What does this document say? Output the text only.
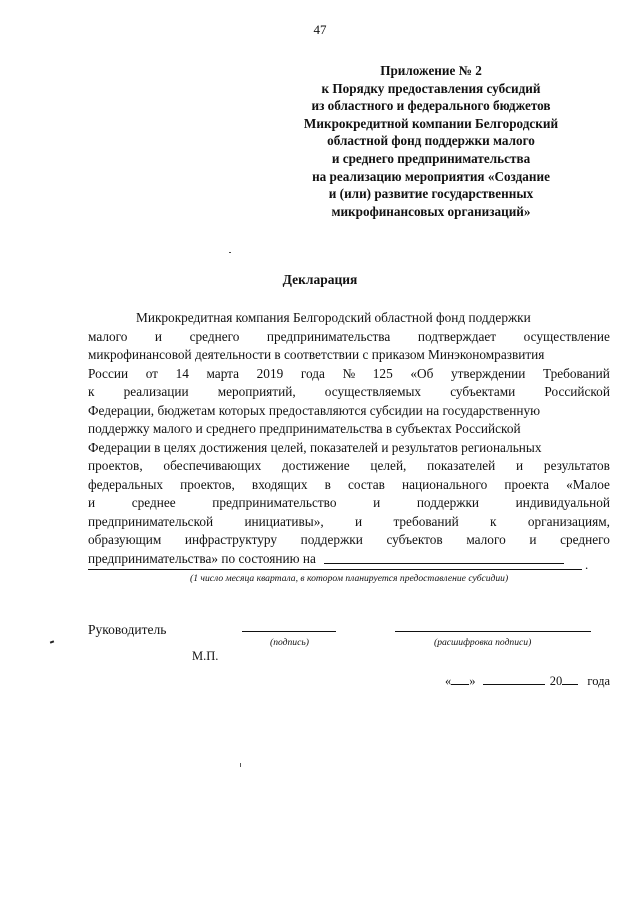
47
Приложение № 2
к Порядку предоставления субсидий
из областного и федерального бюджетов
Микрокредитной компании Белгородский
областной фонд поддержки малого
и среднего предпринимательства
на реализацию мероприятия «Создание
и (или) развитие государственных
микрофинансовых организаций»
Декларация
Микрокредитная компания Белгородский областной фонд поддержки
малого и среднего предпринимательства подтверждает осуществление
микрофинансовой деятельности в соответствии с приказом Минэкономразвития
России от 14 марта 2019 года № 125 «Об утверждении Требований
к реализации мероприятий, осуществляемых субъектами Российской
Федерации, бюджетам которых предоставляются субсидии на государственную
поддержку малого и среднего предпринимательства в субъектах Российской
Федерации в целях достижения целей, показателей и результатов региональных
проектов, обеспечивающих достижение целей, показателей и результатов
федеральных проектов, входящих в состав национального проекта «Малое
и	среднее	предпринимательство	и	поддержки	индивидуальной
предпринимательской инициативы», и требований к организациям,
образующим инфраструктуру поддержки субъектов малого и среднего
предпринимательства» по состоянию на	.
(1 число месяца квартала, в котором планируется предоставление субсидии)
Руководитель
(подпись)	(расшифровка подписи)
М.П.
« »	20 года
